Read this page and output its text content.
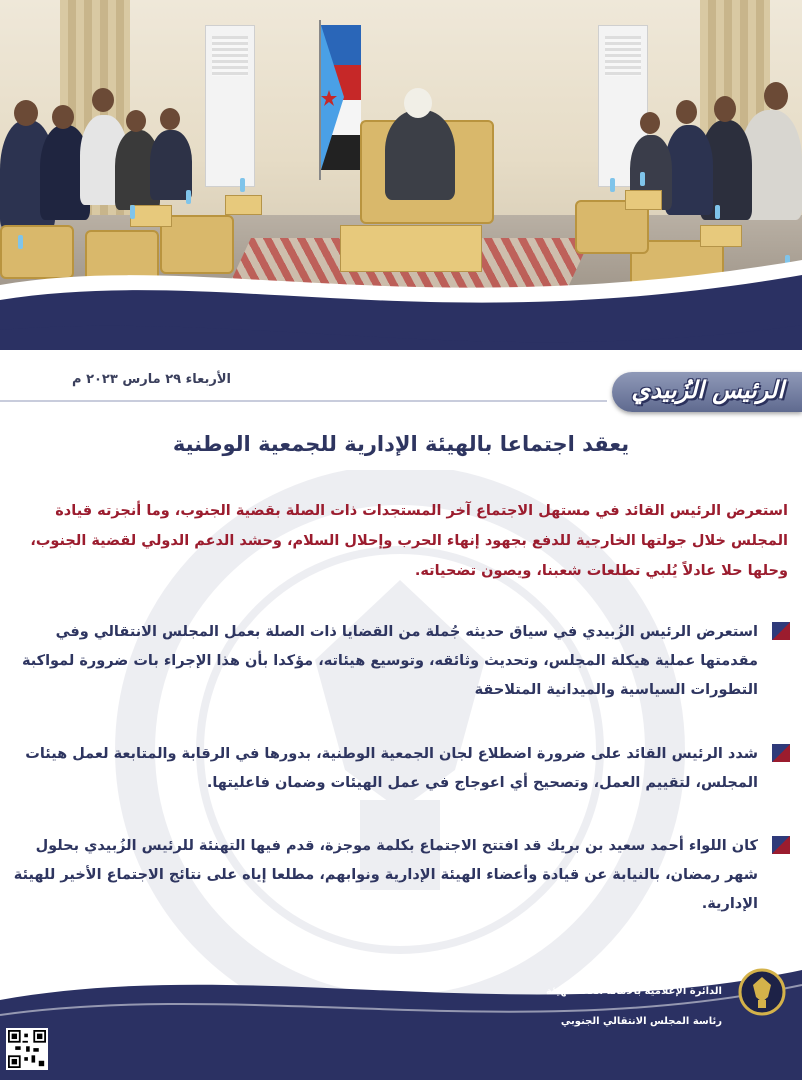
الأربعاء ٢٩ مارس ٢٠٢٣ م	الرئيس الزُبيدي
يعقد اجتماعا بالهيئة الإدارية للجمعية الوطنية

استعرض الرئيس القائد في مستهل الاجتماع آخر المستجدات ذات الصلة بقضية الجنوب، وما أنجزته قيادة المجلس خلال جولتها الخارجية للدفع بجهود إنهاء الحرب وإحلال السلام، وحشد الدعم الدولي لقضية الجنوب، وحلها حلا عادلاً يُلبي تطلعات شعبنا، ويصون تضحياته.

استعرض الرئيس الزُبيدي في سياق حديثه جُملة من القضايا ذات الصلة بعمل المجلس الانتقالي وفي مقدمتها عملية هيكلة المجلس، وتحديث وثائقه، وتوسيع هيئاته، مؤكدا بأن هذا الإجراء بات ضرورة لمواكبة التطورات السياسية والميدانية المتلاحقة

شدد الرئيس القائد على ضرورة اضطلاع لجان الجمعية الوطنية، بدورها في الرقابة والمتابعة لعمل هيئات المجلس، لتقييم العمل، وتصحيح أي اعوجاج في عمل الهيئات وضمان فاعليتها.

كان اللواء أحمد سعيد بن بريك قد افتتح الاجتماع بكلمة موجزة، قدم فيها التهنئة للرئيس الزُبيدي بحلول شهر رمضان، بالنيابة عن قيادة وأعضاء الهيئة الإدارية ونوابهم، مطلعا إياه على نتائج الاجتماع الأخير للهيئة الإدارية.

الدائرة الإعلامية بالأمانة العامة لهيئة
رئاسة المجلس الانتقالي الجنوبي
